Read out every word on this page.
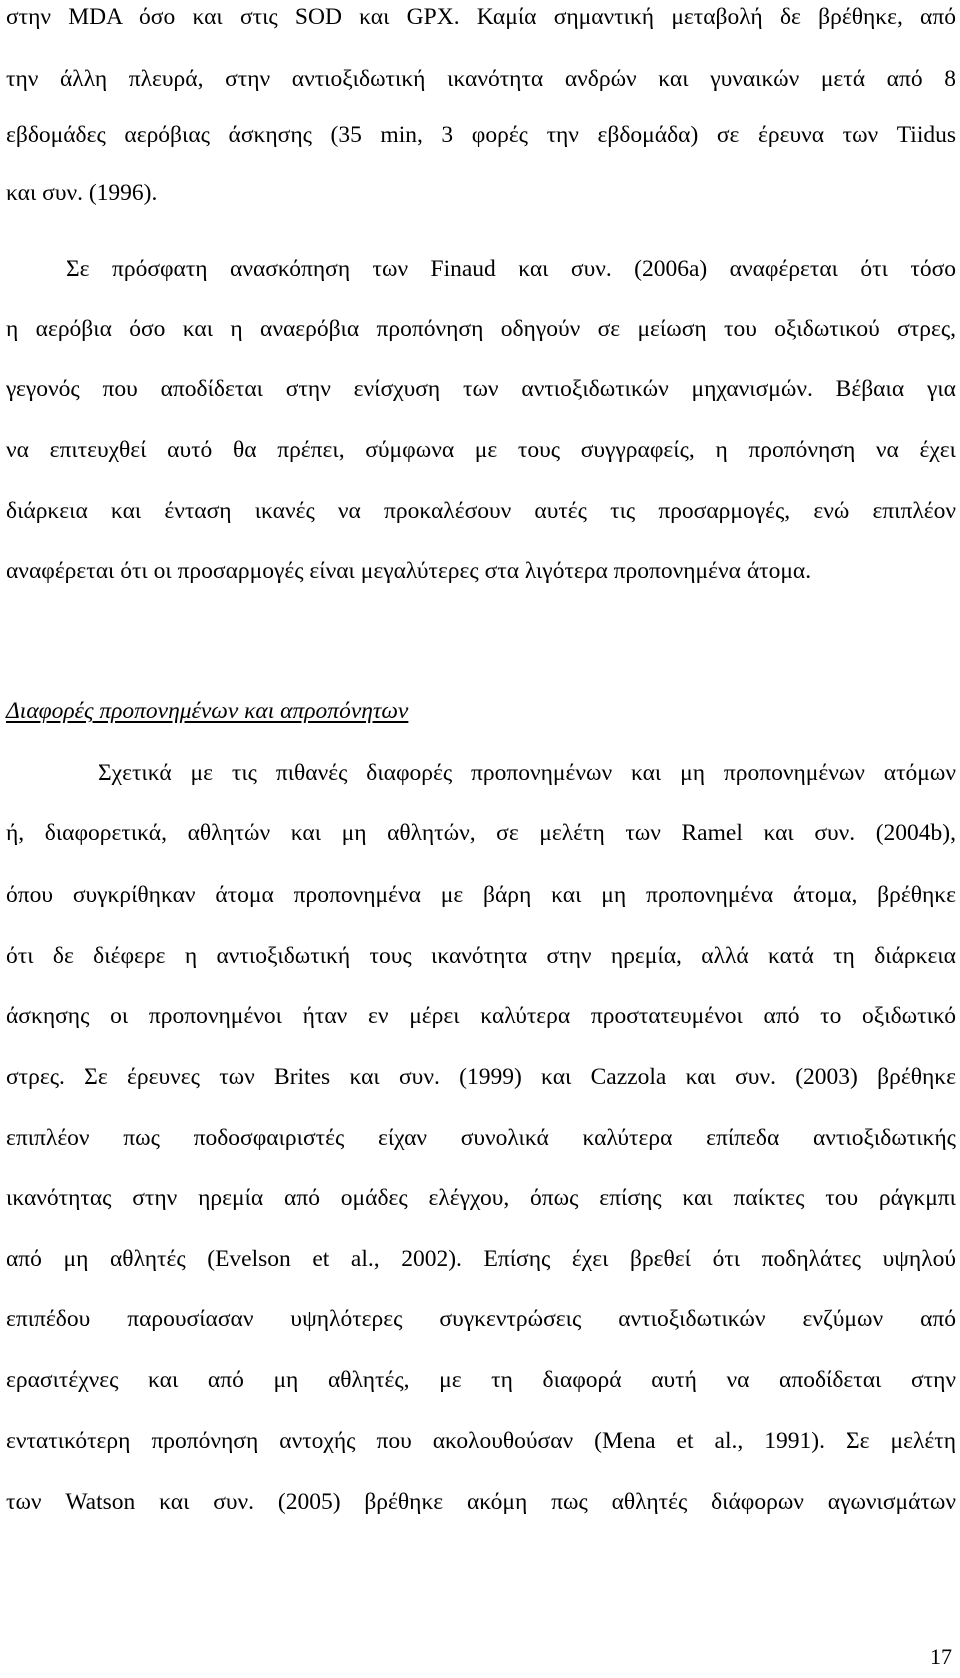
στην MDA όσο και στις SOD και GPX. Καμία σημαντική μεταβολή δε βρέθηκε, από
την άλλη πλευρά, στην αντιοξιδωτική ικανότητα ανδρών και γυναικών μετά από 8
εβδομάδες αερόβιας άσκησης (35 min, 3 φορές την εβδομάδα) σε έρευνα των Tiidus
και συν. (1996).
Σε πρόσφατη ανασκόπηση των Finaud και συν. (2006a) αναφέρεται ότι τόσο
η αερόβια όσο και η αναερόβια προπόνηση οδηγούν σε μείωση του οξιδωτικού στρες,
γεγονός που αποδίδεται στην ενίσχυση των αντιοξιδωτικών μηχανισμών. Βέβαια για
να επιτευχθεί αυτό θα πρέπει, σύμφωνα με τους συγγραφείς, η προπόνηση να έχει
διάρκεια και ένταση ικανές να προκαλέσουν αυτές τις προσαρμογές, ενώ επιπλέον
αναφέρεται ότι οι προσαρμογές είναι μεγαλύτερες στα λιγότερα προπονημένα άτομα.
Διαφορές προπονημένων και απροπόνητων
Σχετικά με τις πιθανές διαφορές προπονημένων και μη προπονημένων ατόμων
ή, διαφορετικά, αθλητών και μη αθλητών, σε μελέτη των Ramel και συν. (2004b),
όπου συγκρίθηκαν άτομα προπονημένα με βάρη και μη προπονημένα άτομα, βρέθηκε
ότι δε διέφερε η αντιοξιδωτική τους ικανότητα στην ηρεμία, αλλά κατά τη διάρκεια
άσκησης οι προπονημένοι ήταν εν μέρει καλύτερα προστατευμένοι από το οξιδωτικό
στρες. Σε έρευνες των Brites και συν. (1999) και Cazzola και συν. (2003) βρέθηκε
επιπλέον πως ποδοσφαιριστές είχαν συνολικά καλύτερα επίπεδα αντιοξιδωτικής
ικανότητας στην ηρεμία από ομάδες ελέγχου, όπως επίσης και παίκτες του ράγκμπι
από μη αθλητές (Evelson et al., 2002). Επίσης έχει βρεθεί ότι ποδηλάτες υψηλού
επιπέδου παρουσίασαν υψηλότερες συγκεντρώσεις αντιοξιδωτικών ενζύμων από
ερασιτέχνες και από μη αθλητές, με τη διαφορά αυτή να αποδίδεται στην
εντατικότερη προπόνηση αντοχής που ακολουθούσαν (Mena et al., 1991). Σε μελέτη
των Watson και συν. (2005) βρέθηκε ακόμη πως αθλητές διάφορων αγωνισμάτων
17
